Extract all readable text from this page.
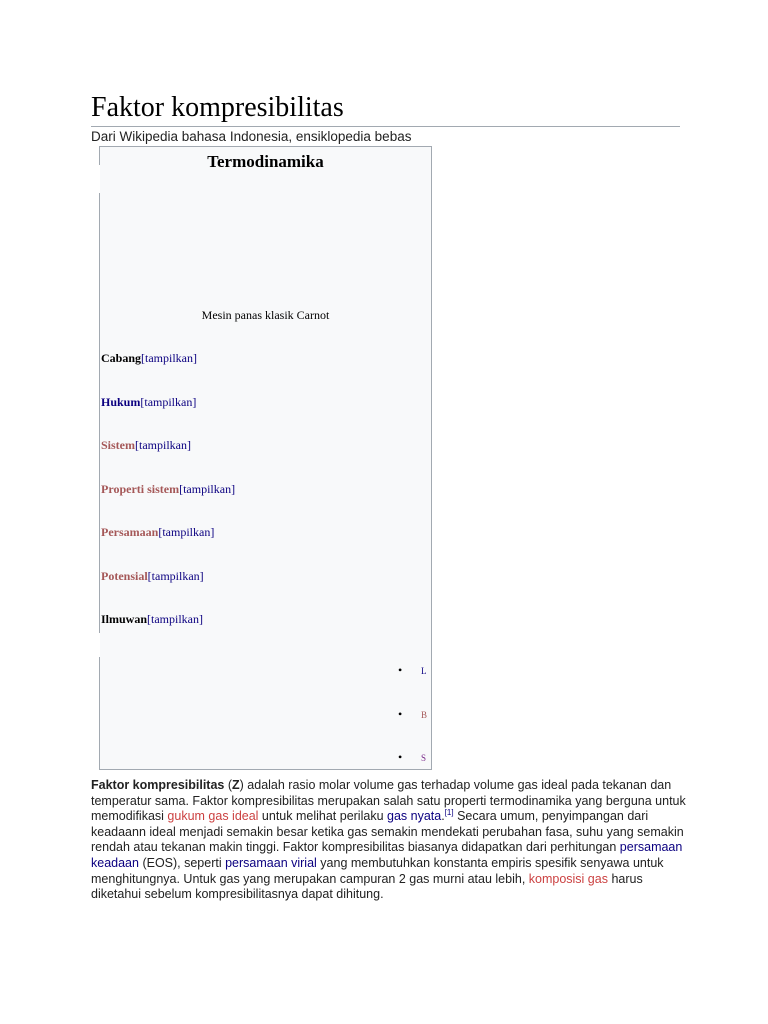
Faktor kompresibilitas
Dari Wikipedia bahasa Indonesia, ensiklopedia bebas
Termodinamika
Mesin panas klasik Carnot
Cabang[tampilkan]
Hukum[tampilkan]
Sistem[tampilkan]
Properti sistem[tampilkan]
Persamaan[tampilkan]
Potensial[tampilkan]
Ilmuwan[tampilkan]
• L
• B
• S

Faktor kompresibilitas (Z) adalah rasio molar volume gas terhadap volume gas ideal pada tekanan dan temperatur sama. Faktor kompresibilitas merupakan salah satu properti termodinamika yang berguna untuk memodifikasi gukum gas ideal untuk melihat perilaku gas nyata.[1] Secara umum, penyimpangan dari keadaann ideal menjadi semakin besar ketika gas semakin mendekati perubahan fasa, suhu yang semakin rendah atau tekanan makin tinggi. Faktor kompresibilitas biasanya didapatkan dari perhitungan persamaan keadaan (EOS), seperti persamaan virial yang membutuhkan konstanta empiris spesifik senyawa untuk menghitungnya. Untuk gas yang merupakan campuran 2 gas murni atau lebih, komposisi gas harus diketahui sebelum kompresibilitasnya dapat dihitung.
